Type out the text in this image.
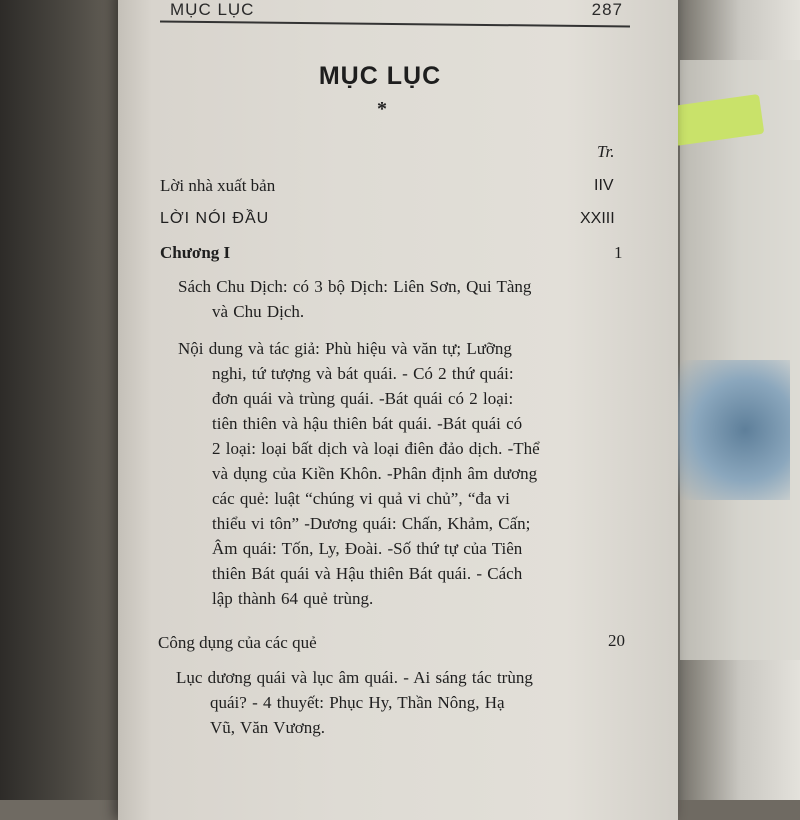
MỤC LỤC	287
MỤC LỤC
*
Tr.
Lời nhà xuất bản	IIV
LỜI NÓI ĐẦU	XXIII
Chương I	1
Sách Chu Dịch: có 3 bộ Dịch: Liên Sơn, Qui Tàng
và Chu Dịch.
Nội dung và tác giả: Phù hiệu và văn tự; Lưỡng
nghi, tứ tượng và bát quái. - Có 2 thứ quái:
đơn quái và trùng quái. -Bát quái có 2 loại:
tiên thiên và hậu thiên bát quái. -Bát quái có
2 loại: loại bất dịch và loại điên đảo dịch. -Thể
và dụng của Kiền Khôn. -Phân định âm dương
các quẻ: luật “chúng vi quả vi chủ”, “đa vi
thiểu vi tôn” -Dương quái: Chấn, Khảm, Cấn;
Âm quái: Tốn, Ly, Đoài. -Số thứ tự của Tiên
thiên Bát quái và Hậu thiên Bát quái. - Cách
lập thành 64 quẻ trùng.
Công dụng của các quẻ	20
Lục dương quái và lục âm quái. - Ai sáng tác trùng
quái? - 4 thuyết: Phục Hy, Thần Nông, Hạ
Vũ, Văn Vương.
